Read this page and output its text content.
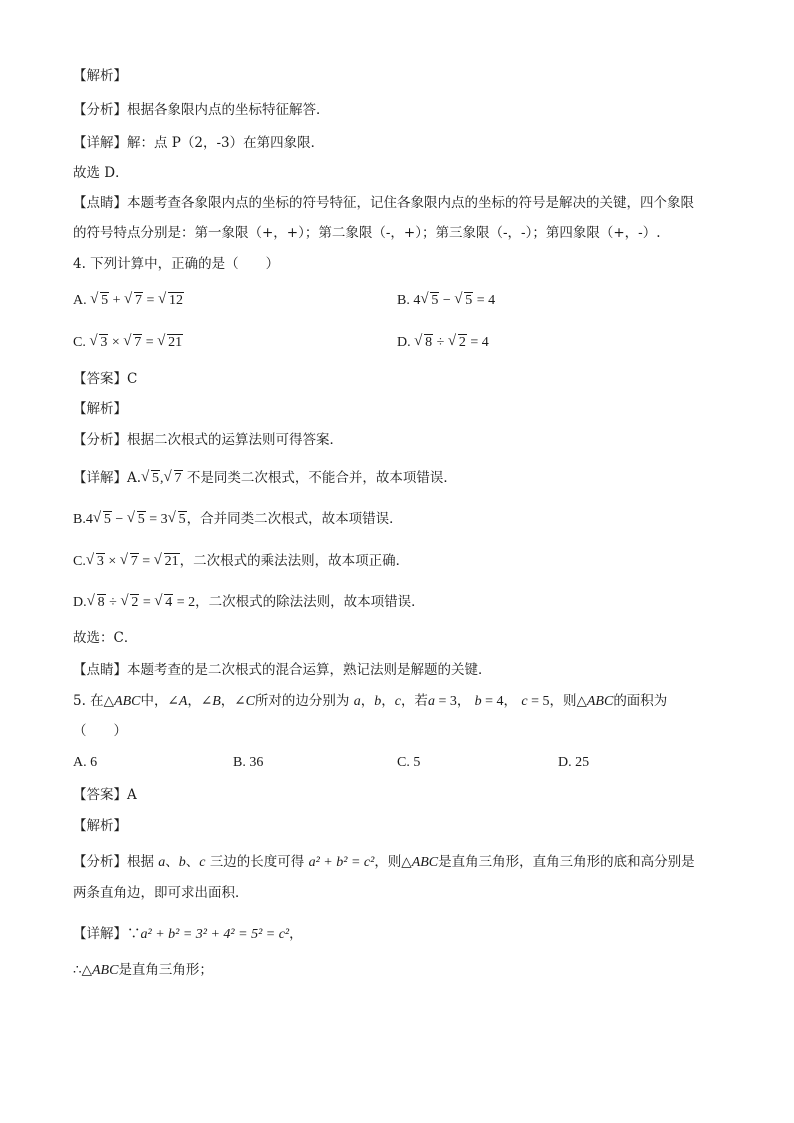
【解析】
【分析】根据各象限内点的坐标特征解答．
【详解】解：点 P（2，-3）在第四象限．
故选 D．
【点睛】本题考查各象限内点的坐标的符号特征，记住各象限内点的坐标的符号是解决的关键，四个象限
的符号特点分别是：第一象限（+，+）；第二象限（-，+）；第三象限（-，-）；第四象限（+，-）.
4. 下列计算中，正确的是（　　）
A. √ 5 + √ 7 = √ 12	B. 4 √ 5 − √ 5 = 4
C. √ 3 × √ 7 = √ 21	D. √ 8 ÷ √ 2 = 4
【答案】C
【解析】
【分析】根据二次根式的运算法则可得答案．
【详解】A. √ 5, √ 7 不是同类二次根式，不能合并，故本项错误．
B.4 √ 5 − √ 5 = 3 √ 5，合并同类二次根式，故本项错误．
C. √ 3 × √ 7 = √ 21，二次根式的乘法法则，故本项正确．
D. √ 8 ÷ √ 2 = √ 4 = 2，二次根式的除法法则，故本项错误．
故选：C．
【点睛】本题考查的是二次根式的混合运算，熟记法则是解题的关键．
5. 在△ABC中，∠A，∠B，∠C所对的边分别为 a，b，c，若a = 3， b = 4， c = 5，则△ABC的面积为
（　　）
A. 6	B. 36	C. 5	D. 25
【答案】A
【解析】
【分析】根据 a、b、c 三边的长度可得 a² + b² = c²，则△ABC是直角三角形，直角三角形的底和高分别是
两条直角边，即可求出面积．
【详解】∵a² + b² = 3² + 4² = 5² = c²，
∴△ABC是直角三角形；
